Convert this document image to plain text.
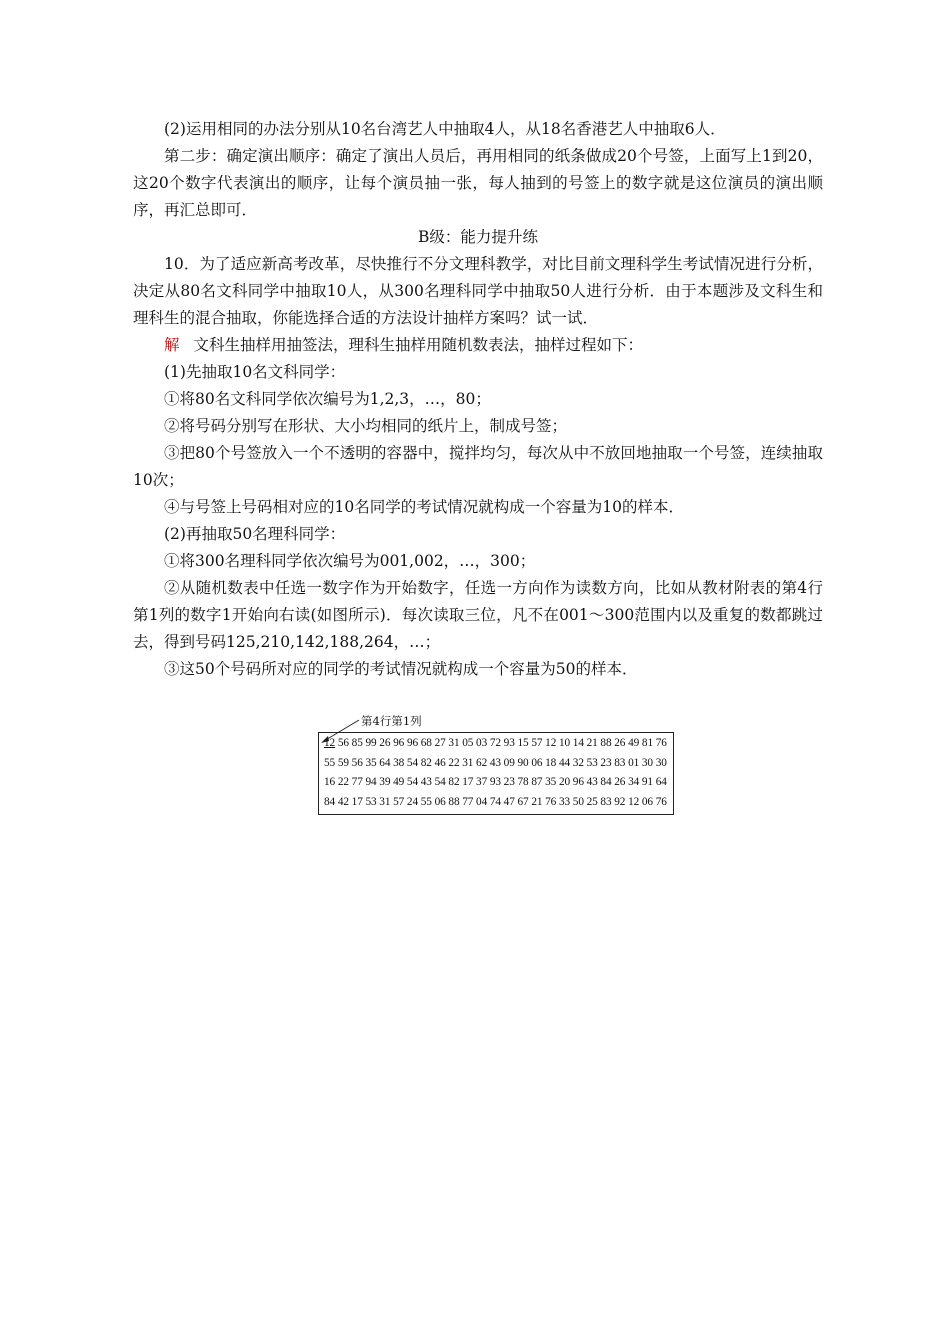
(2)运用相同的办法分别从10名台湾艺人中抽取4人，从18名香港艺人中抽取6人．

第二步：确定演出顺序：确定了演出人员后，再用相同的纸条做成20个号签，上面写上1到20，这20个数字代表演出的顺序，让每个演员抽一张，每人抽到的号签上的数字就是这位演员的演出顺序，再汇总即可．

B级：能力提升练

10．为了适应新高考改革，尽快推行不分文理科教学，对比目前文理科学生考试情况进行分析，决定从80名文科同学中抽取10人，从300名理科同学中抽取50人进行分析．由于本题涉及文科生和理科生的混合抽取，你能选择合适的方法设计抽样方案吗？试一试．

解 文科生抽样用抽签法，理科生抽样用随机数表法，抽样过程如下：

(1)先抽取10名文科同学：

①将80名文科同学依次编号为1,2,3，…，80；

②将号码分别写在形状、大小均相同的纸片上，制成号签；

③把80个号签放入一个不透明的容器中，搅拌均匀，每次从中不放回地抽取一个号签，连续抽取10次；

④与号签上号码相对应的10名同学的考试情况就构成一个容量为10的样本．

(2)再抽取50名理科同学：

①将300名理科同学依次编号为001,002，…，300；

②从随机数表中任选一数字作为开始数字，任选一方向作为读数方向，比如从教材附表的第4行第1列的数字1开始向右读(如图所示)．每次读取三位，凡不在001～300范围内以及重复的数都跳过去，得到号码125,210,142,188,264，…；

③这50个号码所对应的同学的考试情况就构成一个容量为50的样本．

第4行第1列
12 56 85 99 26 96 96 68 27 31 05 03 72 93 15 57 12 10 14 21 88 26 49 81 76
55 59 56 35 64 38 54 82 46 22 31 62 43 09 90 06 18 44 32 53 23 83 01 30 30
16 22 77 94 39 49 54 43 54 82 17 37 93 23 78 87 35 20 96 43 84 26 34 91 64
84 42 17 53 31 57 24 55 06 88 77 04 74 47 67 21 76 33 50 25 83 92 12 06 76
